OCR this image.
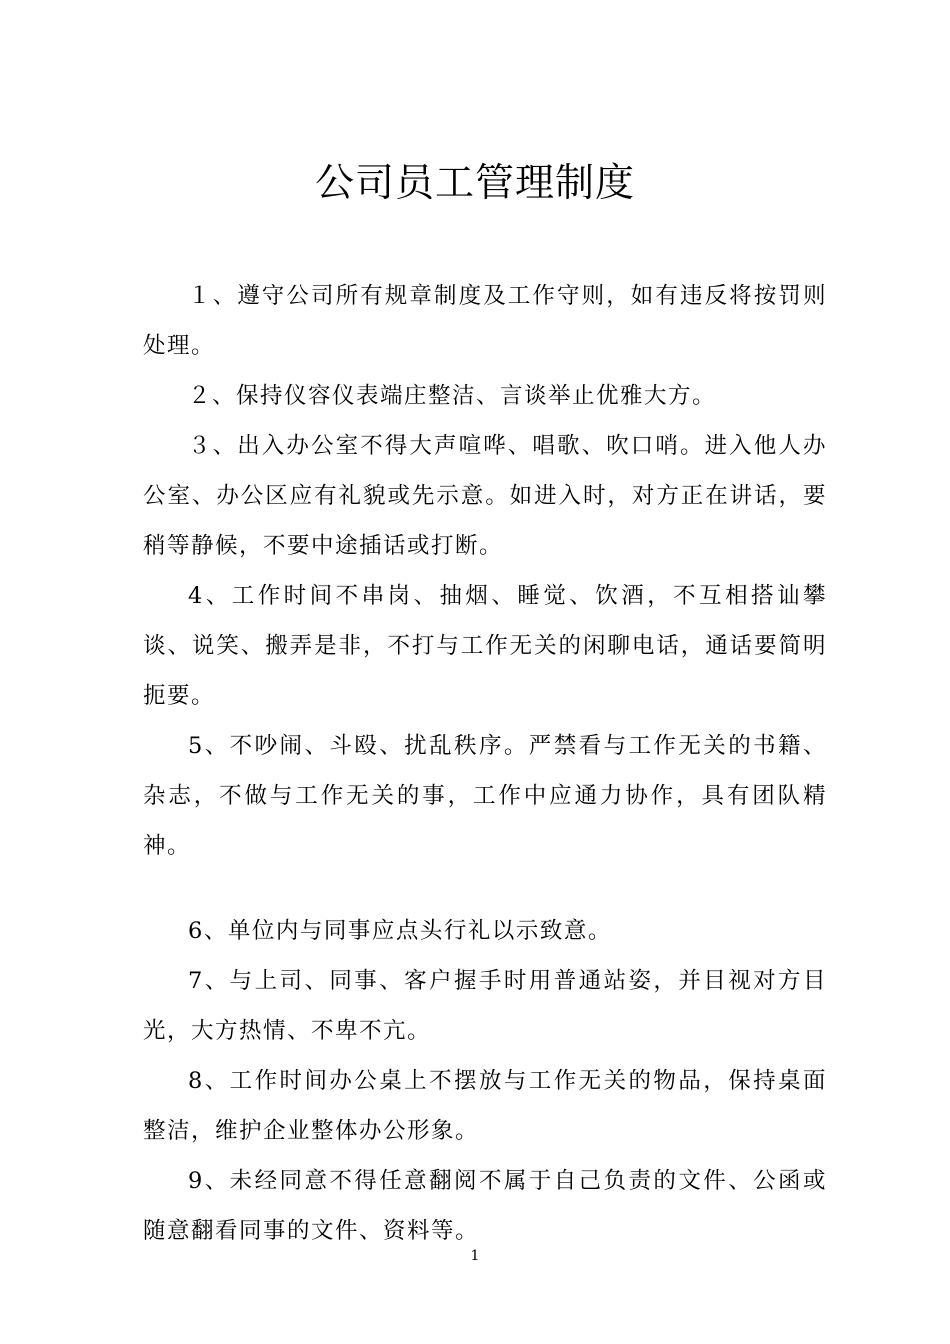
公司员工管理制度

１、遵守公司所有规章制度及工作守则，如有违反将按罚则处理。

２、保持仪容仪表端庄整洁、言谈举止优雅大方。

３、出入办公室不得大声喧哗、唱歌、吹口哨。进入他人办公室、办公区应有礼貌或先示意。如进入时，对方正在讲话，要稍等静候，不要中途插话或打断。

4、工作时间不串岗、抽烟、睡觉、饮酒，不互相搭讪攀谈、说笑、搬弄是非，不打与工作无关的闲聊电话，通话要简明扼要。

5、不吵闹、斗殴、扰乱秩序。严禁看与工作无关的书籍、杂志，不做与工作无关的事，工作中应通力协作，具有团队精神。

6、单位内与同事应点头行礼以示致意。

7、与上司、同事、客户握手时用普通站姿，并目视对方目光，大方热情、不卑不亢。

8、工作时间办公桌上不摆放与工作无关的物品，保持桌面整洁，维护企业整体办公形象。

9、未经同意不得任意翻阅不属于自己负责的文件、公函或随意翻看同事的文件、资料等。

1
